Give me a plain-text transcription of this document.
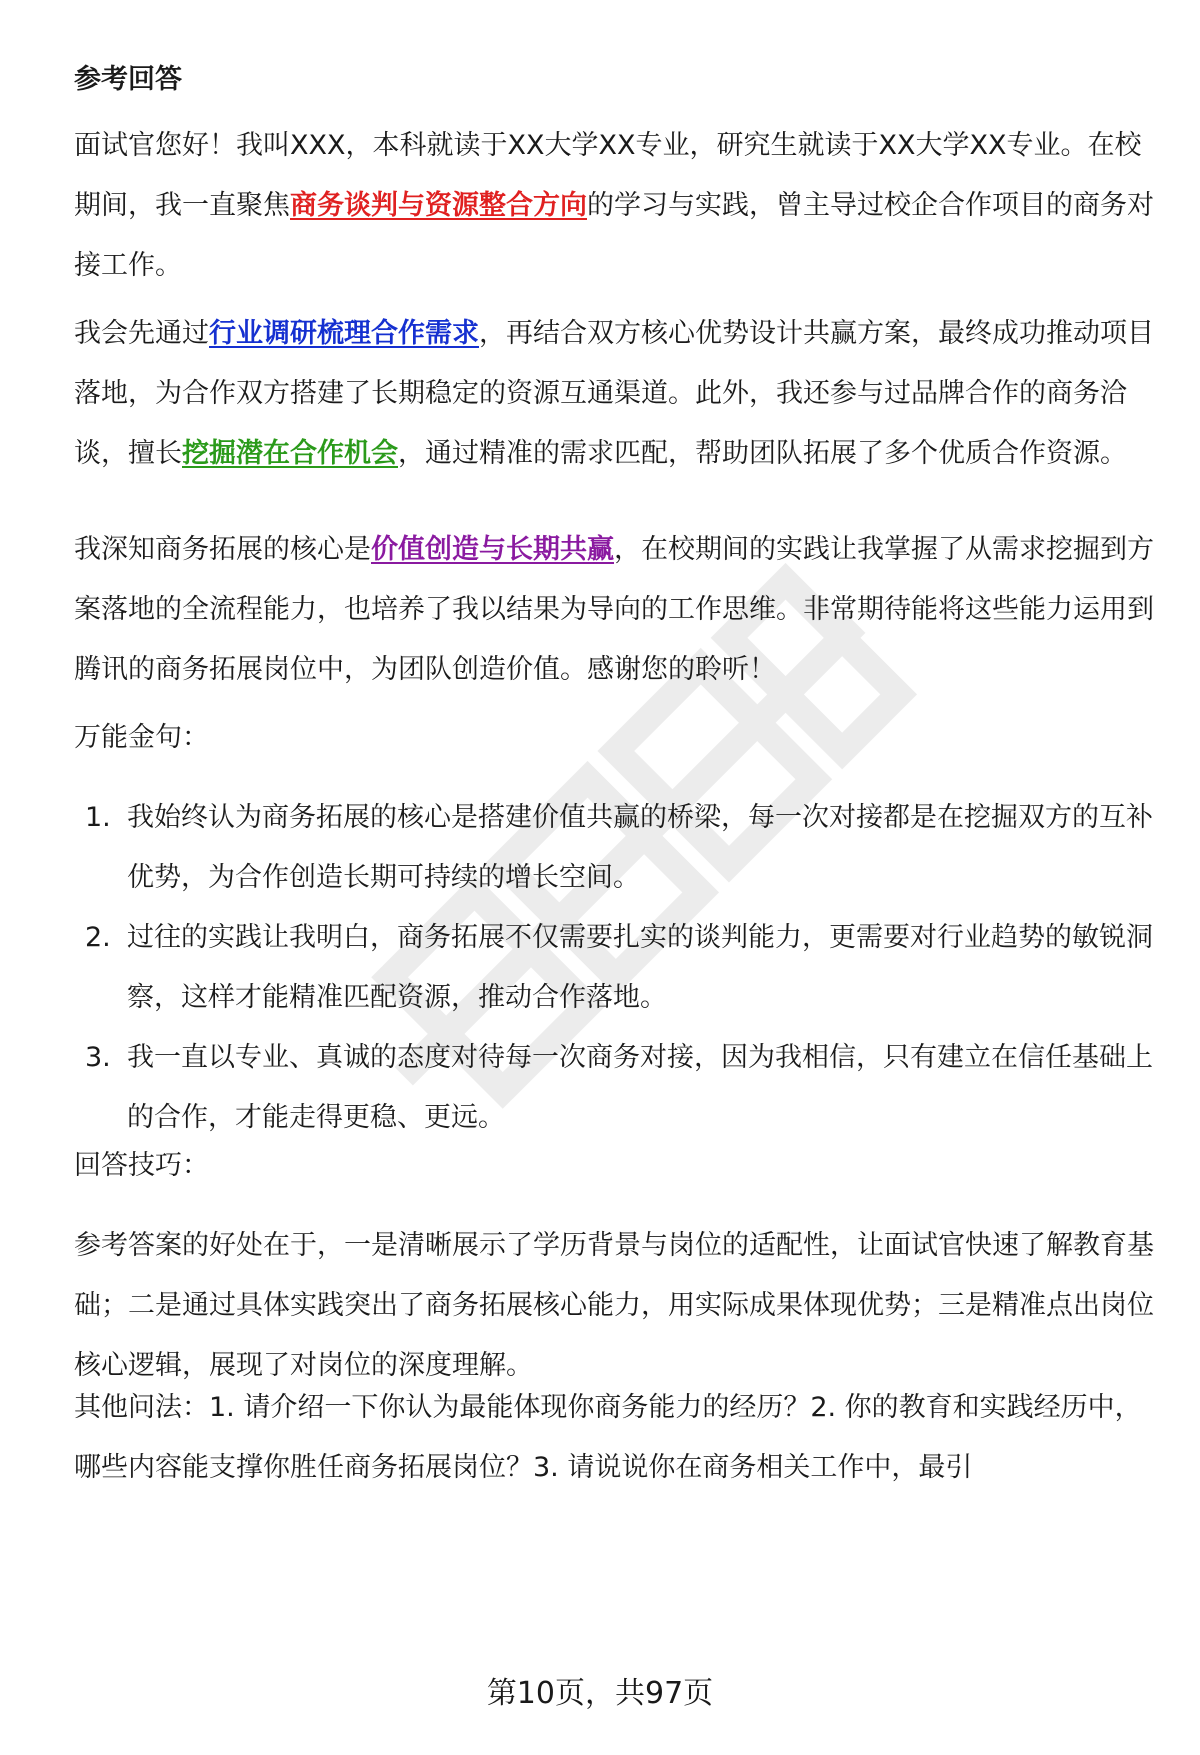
参考回答

面试官您好！我叫XXX，本科就读于XX大学XX专业，研究生就读于XX大学XX专业。在校期间，我一直聚焦商务谈判与资源整合方向的学习与实践，曾主导过校企合作项目的商务对接工作。

我会先通过行业调研梳理合作需求，再结合双方核心优势设计共赢方案，最终成功推动项目落地，为合作双方搭建了长期稳定的资源互通渠道。此外，我还参与过品牌合作的商务洽谈，擅长挖掘潜在合作机会，通过精准的需求匹配，帮助团队拓展了多个优质合作资源。

我深知商务拓展的核心是价值创造与长期共赢，在校期间的实践让我掌握了从需求挖掘到方案落地的全流程能力，也培养了我以结果为导向的工作思维。非常期待能将这些能力运用到腾讯的商务拓展岗位中，为团队创造价值。感谢您的聆听！

万能金句：

1. 我始终认为商务拓展的核心是搭建价值共赢的桥梁，每一次对接都是在挖掘双方的互补优势，为合作创造长期可持续的增长空间。
2. 过往的实践让我明白，商务拓展不仅需要扎实的谈判能力，更需要对行业趋势的敏锐洞察，这样才能精准匹配资源，推动合作落地。
3. 我一直以专业、真诚的态度对待每一次商务对接，因为我相信，只有建立在信任基础上的合作，才能走得更稳、更远。

回答技巧：

参考答案的好处在于，一是清晰展示了学历背景与岗位的适配性，让面试官快速了解教育基础；二是通过具体实践突出了商务拓展核心能力，用实际成果体现优势；三是精准点出岗位核心逻辑，展现了对岗位的深度理解。

其他问法：1. 请介绍一下你认为最能体现你商务能力的经历？2. 你的教育和实践经历中，哪些内容能支撑你胜任商务拓展岗位？3. 请说说你在商务相关工作中，最引

第10页，共97页
